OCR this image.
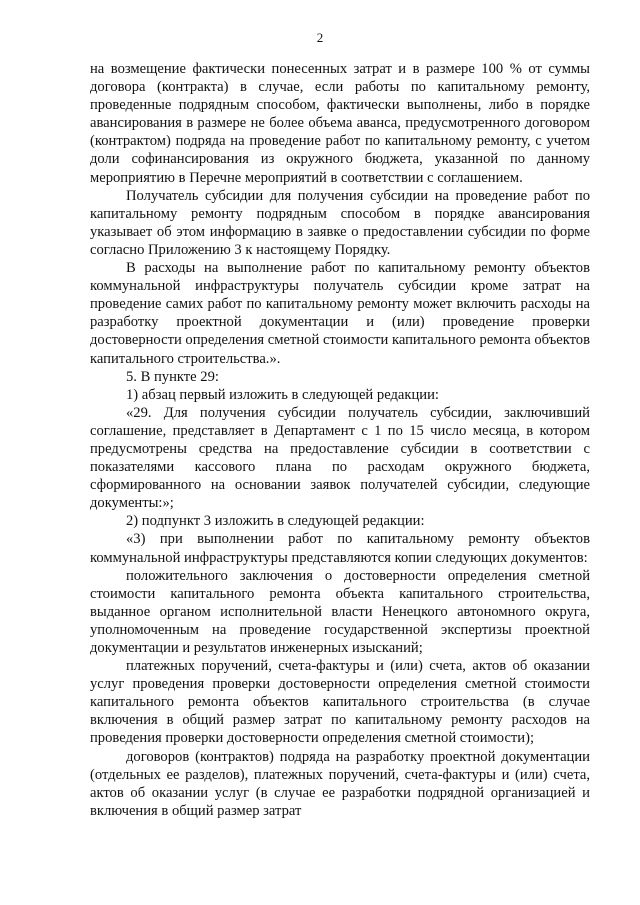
2

на возмещение фактически понесенных затрат и в размере 100 % от суммы договора (контракта) в случае, если работы по капитальному ремонту, проведенные подрядным способом, фактически выполнены, либо в порядке авансирования в размере не более объема аванса, предусмотренного договором (контрактом) подряда на проведение работ по капитальному ремонту, с учетом доли софинансирования из окружного бюджета, указанной по данному мероприятию в Перечне мероприятий в соответствии с соглашением.

Получатель субсидии для получения субсидии на проведение работ по капитальному ремонту подрядным способом в порядке авансирования указывает об этом информацию в заявке о предоставлении субсидии по форме согласно Приложению 3 к настоящему Порядку.

В расходы на выполнение работ по капитальному ремонту объектов коммунальной инфраструктуры получатель субсидии кроме затрат на проведение самих работ по капитальному ремонту может включить расходы на разработку проектной документации и (или) проведение проверки достоверности определения сметной стоимости капитального ремонта объектов капитального строительства.».

5. В пункте 29:

1) абзац первый изложить в следующей редакции:

«29. Для получения субсидии получатель субсидии, заключивший соглашение, представляет в Департамент с 1 по 15 число месяца, в котором предусмотрены средства на предоставление субсидии в соответствии с показателями кассового плана по расходам окружного бюджета, сформированного на основании заявок получателей субсидии, следующие документы:»;

2) подпункт 3 изложить в следующей редакции:

«3) при выполнении работ по капитальному ремонту объектов коммунальной инфраструктуры представляются копии следующих документов:

положительного заключения о достоверности определения сметной стоимости капитального ремонта объекта капитального строительства, выданное органом исполнительной власти Ненецкого автономного округа, уполномоченным на проведение государственной экспертизы проектной документации и результатов инженерных изысканий;

платежных поручений, счета-фактуры и (или) счета, актов об оказании услуг проведения проверки достоверности определения сметной стоимости капитального ремонта объектов капитального строительства (в случае включения в общий размер затрат по капитальному ремонту расходов на проведения проверки достоверности определения сметной стоимости);

договоров (контрактов) подряда на разработку проектной документации (отдельных ее разделов), платежных поручений, счета-фактуры и (или) счета, актов об оказании услуг (в случае ее разработки подрядной организацией и включения в общий размер затрат
